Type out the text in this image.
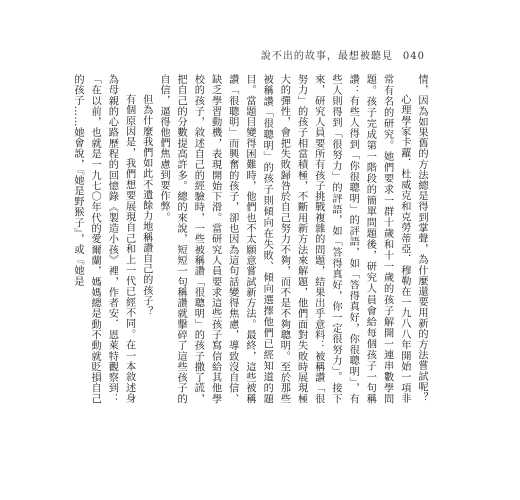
說不出的故事，最想被聽見 040

情，因為如果舊的方法總是得到掌聲，為什麼還要用新的方法嘗試呢？

心理學家卡蘿．杜威克和克勞蒂亞．穆勒在一九八八年開始一項非常有名的研究。她們要求一群十歲和十一歲的孩子解開一連串數學問題。孩子完成第一階段的簡單問題後，研究人員會給每個孩子一句稱讚：有些人得到「你很聰明」的評語，如「答得真好，你很聰明」，有些人則得到「很努力」的評語，如「答得真好，你一定很努力」。接下來，研究人員要所有孩子挑戰複雜的問題，結果出乎意料：被稱讚「很努力」的孩子相當積極，不斷用新方法來解題，他們面對失敗時展現極大的彈性，會把失敗歸咎於自己努力不夠，而不是不夠聰明。至於那些被稱讚「很聰明」的孩子則傾向在失敗、傾向選擇他們已經知道的題目。當題目變得困難時，他們也不太願意嘗試新方法。最終，這些被稱讚「很聰明」而興奮的孩子，卻也因為這句話變得焦慮，導致沒自信、缺乏學習動機，表現開始下滑。當研究人員要求這些孩子寫信給其他學校的孩子，敘述自己的經驗時，一些被稱讚「很聰明」的孩子撒了謊，把自己的分數提高許多。總的來說，短短一句稱讚就擊碎了這些孩子的自信，逼得他們焦慮到要作弊。

但為什麼我們如此不遺餘力地稱讚自己的孩子？

有個原因是，我們想要展現自己和上一代已經不同。在一本敘述身為母親的心路歷程的回憶錄《製造小孩》裡，作者安．恩萊特觀察到：「在以前，也就是一九七〇年代的愛爾蘭，媽媽總是動不動就貶損自己的孩子……她會說，『她是野猴子』，或『她是
